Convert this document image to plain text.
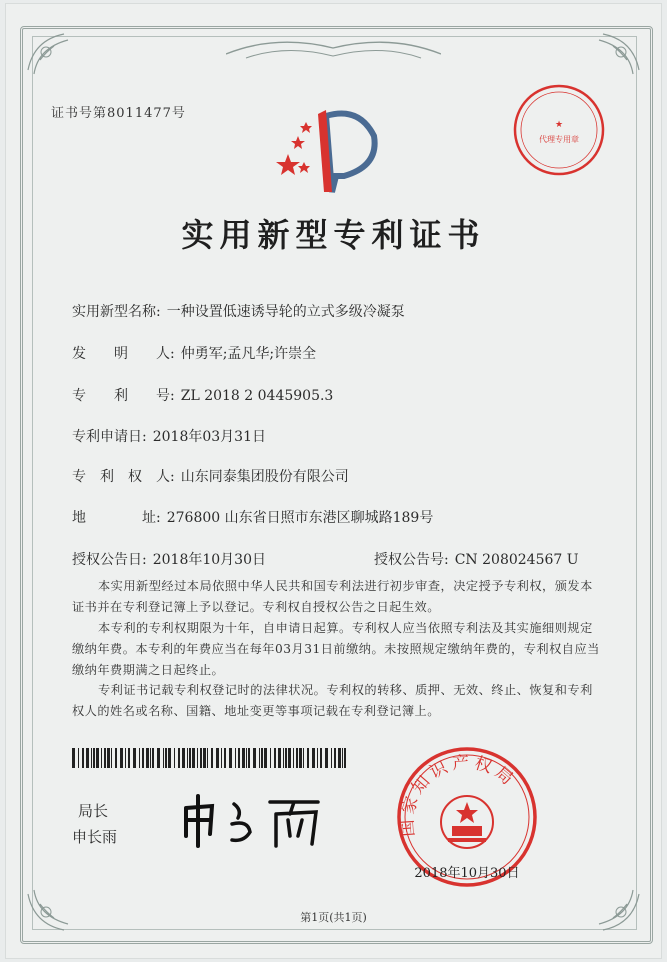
证书号第8011477号
★
代理专用章
实用新型专利证书
实用新型名称: 一种设置低速诱导轮的立式多级冷凝泵
发　　明　　人: 仲勇军;孟凡华;许崇全
专　　利　　号: ZL 2018 2 0445905.3
专利申请日: 2018年03月31日
专　利　权　人: 山东同泰集团股份有限公司
地　　　　址: 276800 山东省日照市东港区聊城路189号
授权公告日: 2018年10月30日	授权公告号: CN 208024567 U
本实用新型经过本局依照中华人民共和国专利法进行初步审查，决定授予专利权，颁发本证书并在专利登记簿上予以登记。专利权自授权公告之日起生效。
本专利的专利权期限为十年，自申请日起算。专利权人应当依照专利法及其实施细则规定缴纳年费。本专利的年费应当在每年03月31日前缴纳。未按照规定缴纳年费的，专利权自应当缴纳年费期满之日起终止。
专利证书记载专利权登记时的法律状况。专利权的转移、质押、无效、终止、恢复和专利权人的姓名或名称、国籍、地址变更等事项记载在专利登记簿上。
局长
申长雨	国家知识产权局
2018年10月30日
第1页(共1页)
